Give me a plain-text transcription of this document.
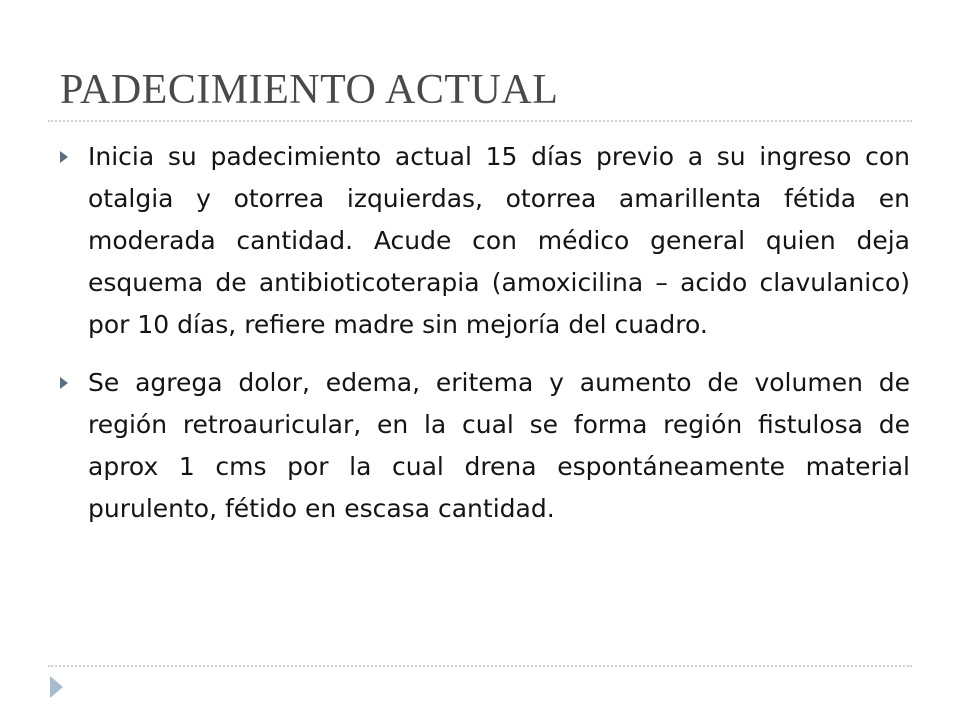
PADECIMIENTO ACTUAL
Inicia su padecimiento actual 15 días previo a su ingreso con otalgia y otorrea izquierdas, otorrea amarillenta fétida en moderada cantidad. Acude con médico general quien deja esquema de antibioticoterapia (amoxicilina – acido clavulanico) por 10 días, refiere madre sin mejoría del cuadro.
Se agrega dolor, edema, eritema y aumento de volumen de región retroauricular, en la cual se forma región fistulosa de aprox 1 cms por la cual drena espontáneamente material purulento, fétido en escasa cantidad.
